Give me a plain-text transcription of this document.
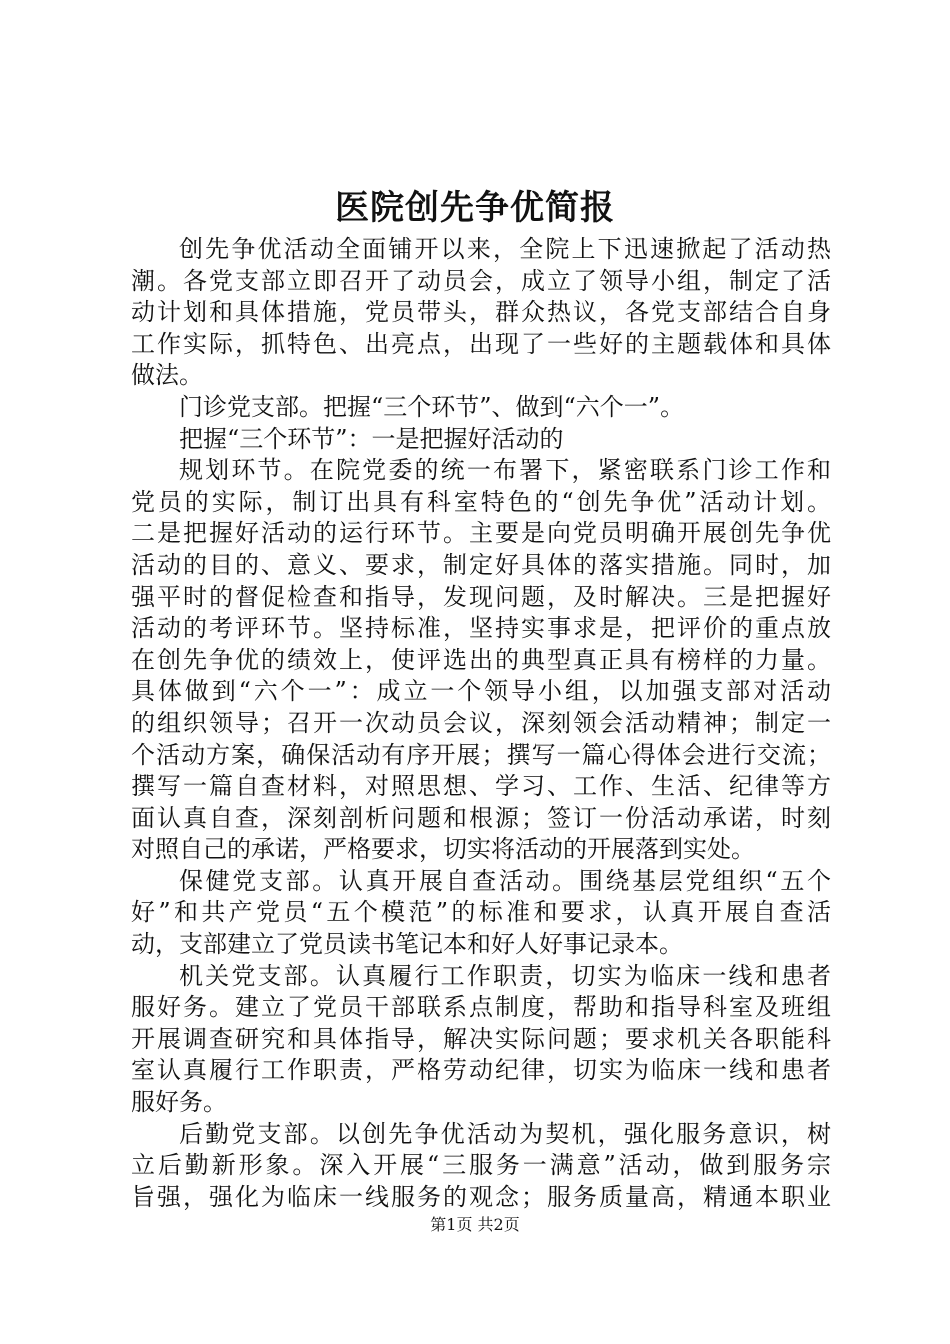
医院创先争优简报
创先争优活动全面铺开以来，全院上下迅速掀起了活动热
潮。各党支部立即召开了动员会，成立了领导小组，制定了活
动计划和具体措施，党员带头，群众热议，各党支部结合自身
工作实际，抓特色、出亮点，出现了一些好的主题载体和具体
做法。
门诊党支部。把握“三个环节”、做到“六个一”。
把握“三个环节”：一是把握好活动的
规划环节。在院党委的统一布署下，紧密联系门诊工作和
党员的实际，制订出具有科室特色的“创先争优”活动计划。
二是把握好活动的运行环节。主要是向党员明确开展创先争优
活动的目的、意义、要求，制定好具体的落实措施。同时，加
强平时的督促检查和指导，发现问题，及时解决。三是把握好
活动的考评环节。坚持标准，坚持实事求是，把评价的重点放
在创先争优的绩效上，使评选出的典型真正具有榜样的力量。
具体做到“六个一”：成立一个领导小组，以加强支部对活动
的组织领导；召开一次动员会议，深刻领会活动精神；制定一
个活动方案，确保活动有序开展；撰写一篇心得体会进行交流；
撰写一篇自查材料，对照思想、学习、工作、生活、纪律等方
面认真自查，深刻剖析问题和根源；签订一份活动承诺，时刻
对照自己的承诺，严格要求，切实将活动的开展落到实处。
保健党支部。认真开展自查活动。围绕基层党组织“五个
好”和共产党员“五个模范”的标准和要求，认真开展自查活
动，支部建立了党员读书笔记本和好人好事记录本。
机关党支部。认真履行工作职责，切实为临床一线和患者
服好务。建立了党员干部联系点制度，帮助和指导科室及班组
开展调查研究和具体指导，解决实际问题；要求机关各职能科
室认真履行工作职责，严格劳动纪律，切实为临床一线和患者
服好务。
后勤党支部。以创先争优活动为契机，强化服务意识，树
立后勤新形象。深入开展“三服务一满意”活动，做到服务宗
旨强，强化为临床一线服务的观念；服务质量高，精通本职业
第1页 共2页
